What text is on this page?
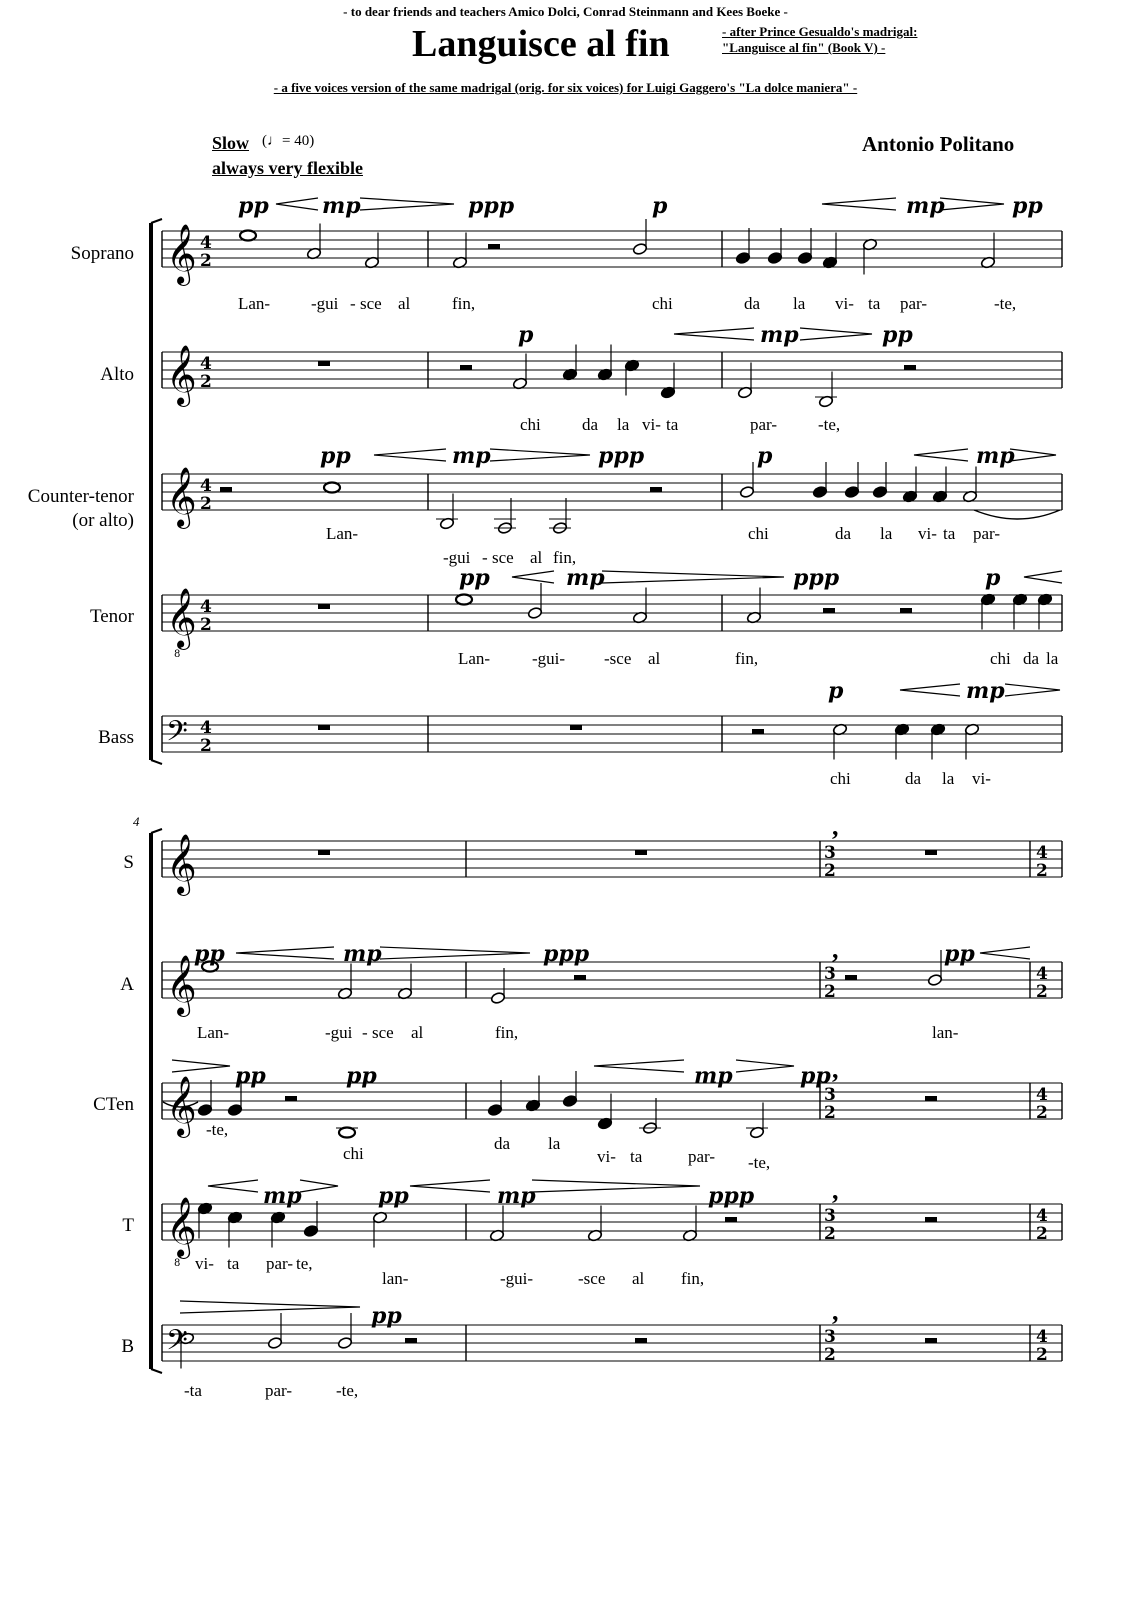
- to dear friends and teachers Amico Dolci, Conrad Steinmann and Kees Boeke -
Languisce al fin	- after Prince Gesualdo's madrigal:
"Languisce al fin" (Book V) -
- a five voices version of the same madrigal (orig. for six voices) for Luigi Gaggero's "La dolce maniera" -
Slow (♩= 40)
always very flexible
Antonio Politano
Soprano
Alto
Counter-tenor
(or alto)
Tenor
Bass
S
A
CTen
T
B
4
𝄞
𝄞
𝄞
𝄞
𝄞
𝄞
𝄞
8
𝄞
8
𝄢
𝄢
4
2
4
2
4
2
4
2
4
2
3
2
4
2
3
2
4
2
3
2
4
2
3
2
4
2
3
2
4
2
pp mp	ppp	p	mp	pp
p	mp	pp
pp	mp	ppp	p	mp
pp	mp	ppp	p
p	mp
Lan- -gui - sce al fin,	chi	da la vi- ta par-	-te,
chi da la vi- ta	par- -te,
Lan-	chi	da la vi- ta par-
-gui - sce al fin,
Lan- -gui- -sce al	fin,	chi da la
chi	da la vi-
pp	mp	ppp	pp
pp	pp	mp	pp
mp	pp	mp	ppp
pp
,
,
,
,
,
Lan-	-gui - sce al	fin,	lan-
-te,
chi
da la
vi- ta	par- -te,
vi- ta par- te,
lan-	-gui-	-sce al fin,
-ta	par-	-te,
